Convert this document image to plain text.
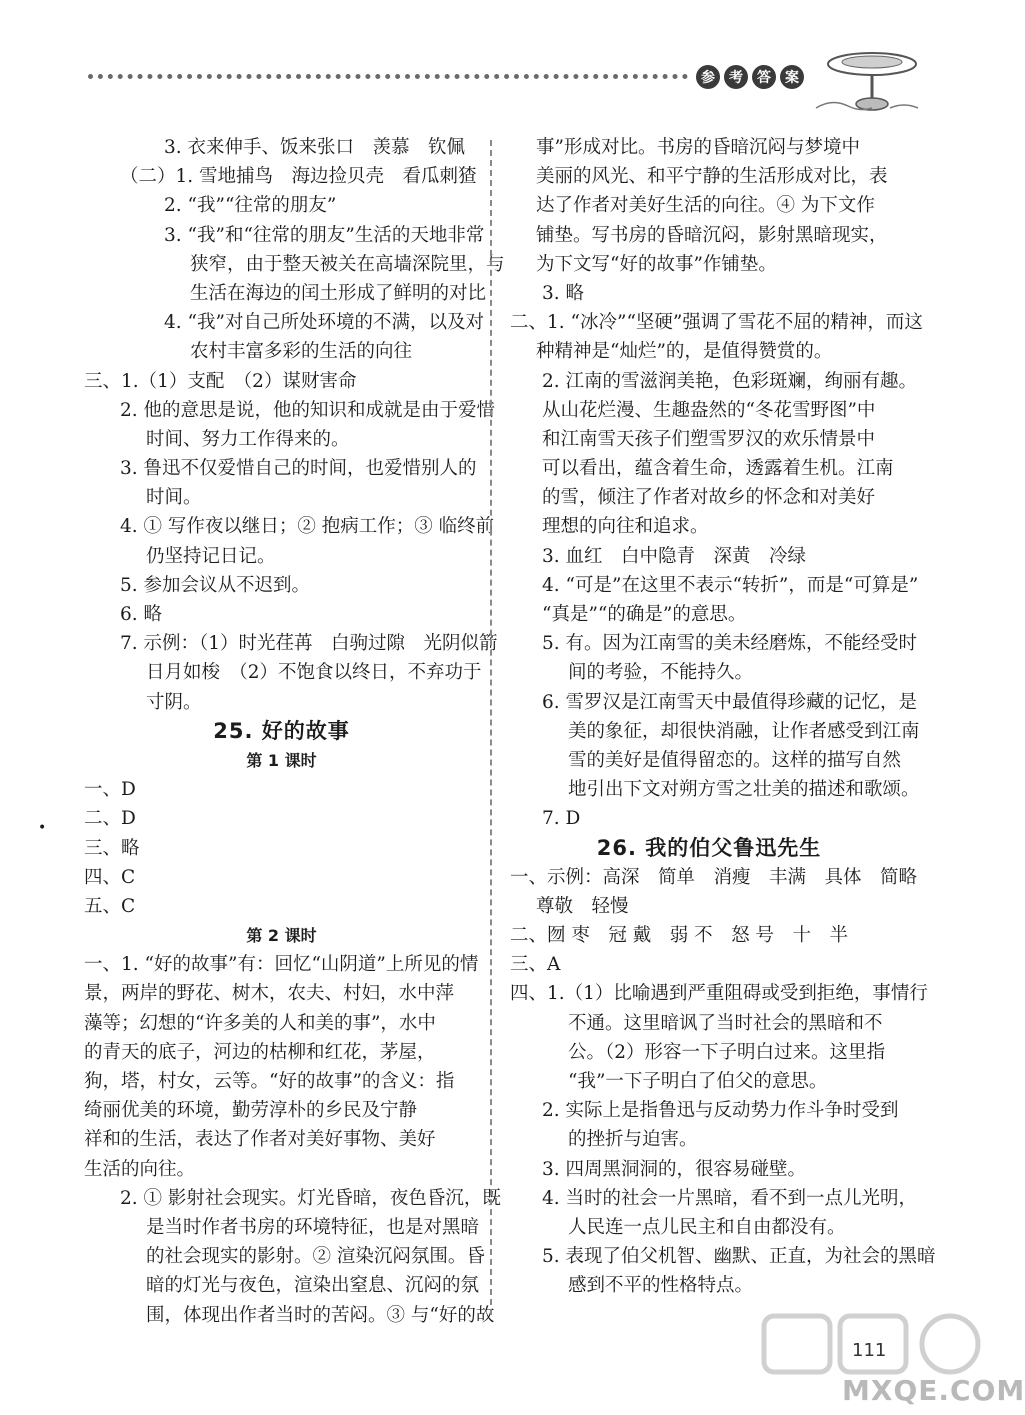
参	考	答	案
3. 衣来伸手、饭来张口　羡慕　钦佩
（二）1. 雪地捕鸟　海边捡贝壳　看瓜刺猹
2. “我”“往常的朋友”
3. “我”和“往常的朋友”生活的天地非常
狭窄，由于整天被关在高墙深院里，与
生活在海边的闰土形成了鲜明的对比
4. “我”对自己所处环境的不满，以及对
农村丰富多彩的生活的向往
三、1.（1）支配　（2）谋财害命
2. 他的意思是说，他的知识和成就是由于爱惜
时间、努力工作得来的。
3. 鲁迅不仅爱惜自己的时间，也爱惜别人的
时间。
4. ① 写作夜以继日；② 抱病工作；③ 临终前
仍坚持记日记。
5. 参加会议从不迟到。
6. 略
7. 示例：（1）时光荏苒　白驹过隙　光阴似箭
日月如梭　（2）不饱食以终日，不弃功于
寸阴。
25. 好的故事
第 1 课时
一、D
二、D
三、略
四、C
五、C
第 2 课时
一、1. “好的故事”有：回忆“山阴道”上所见的情
景，两岸的野花、树木，农夫、村妇，水中萍
藻等；幻想的“许多美的人和美的事”，水中
的青天的底子，河边的枯柳和红花，茅屋，
狗，塔，村女，云等。“好的故事”的含义：指
绮丽优美的环境，勤劳淳朴的乡民及宁静
祥和的生活，表达了作者对美好事物、美好
生活的向往。
2. ① 影射社会现实。灯光昏暗，夜色昏沉，既
是当时作者书房的环境特征，也是对黑暗
的社会现实的影射。② 渲染沉闷氛围。昏
暗的灯光与夜色，渲染出窒息、沉闷的氛
围，体现出作者当时的苦闷。③ 与“好的故
事”形成对比。书房的昏暗沉闷与梦境中
美丽的风光、和平宁静的生活形成对比，表
达了作者对美好生活的向往。④ 为下文作
铺垫。写书房的昏暗沉闷，影射黑暗现实，
为下文写“好的故事”作铺垫。
3. 略
二、1. “冰冷”“坚硬”强调了雪花不屈的精神，而这
种精神是“灿烂”的，是值得赞赏的。
2. 江南的雪滋润美艳，色彩斑斓，绚丽有趣。
从山花烂漫、生趣盎然的“冬花雪野图”中
和江南雪天孩子们塑雪罗汉的欢乐情景中
可以看出，蕴含着生命，透露着生机。江南
的雪，倾注了作者对故乡的怀念和对美好
理想的向往和追求。
3. 血红　白中隐青　深黄　冷绿
4. “可是”在这里不表示“转折”，而是“可算是”
“真是”“的确是”的意思。
5. 有。因为江南雪的美未经磨炼，不能经受时
间的考验，不能持久。
6. 雪罗汉是江南雪天中最值得珍藏的记忆，是
美的象征，却很快消融，让作者感受到江南
雪的美好是值得留恋的。这样的描写自然
地引出下文对朔方雪之壮美的描述和歌颂。
7. D
26. 我的伯父鲁迅先生
一、示例：高深　简单　消瘦　丰满　具体　简略
尊敬　轻慢
二、囫 枣　冠 戴　弱 不　怒 号　十　半
三、A
四、1.（1）比喻遇到严重阻碍或受到拒绝，事情行
不通。这里暗讽了当时社会的黑暗和不
公。（2）形容一下子明白过来。这里指
“我”一下子明白了伯父的意思。
2. 实际上是指鲁迅与反动势力作斗争时受到
的挫折与迫害。
3. 四周黑洞洞的，很容易碰壁。
4. 当时的社会一片黑暗，看不到一点儿光明，
人民连一点儿民主和自由都没有。
5. 表现了伯父机智、幽默、正直，为社会的黑暗
感到不平的性格特点。
•
MXQE.COM
111
